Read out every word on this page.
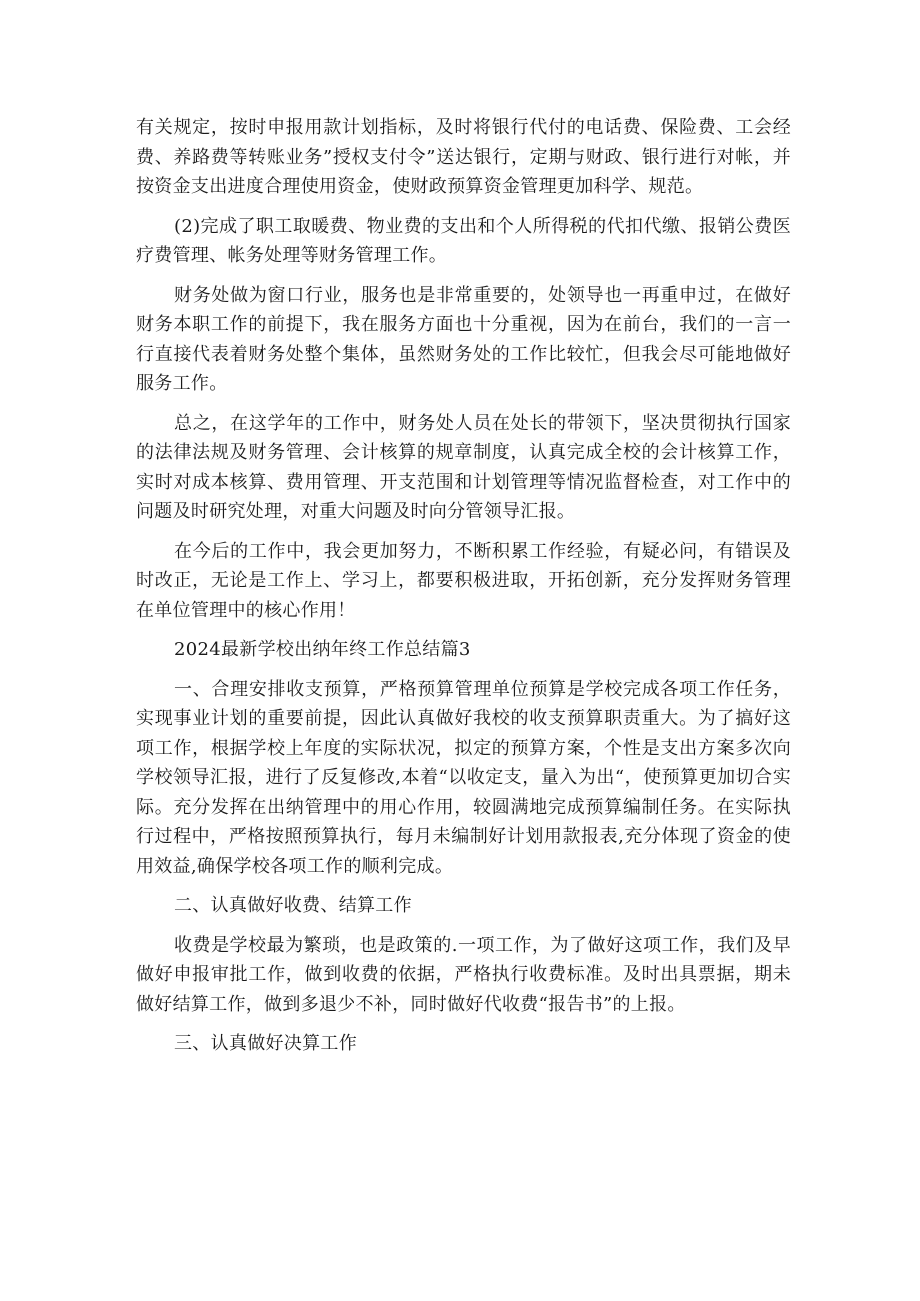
有关规定，按时申报用款计划指标，及时将银行代付的电话费、保险费、工会经费、养路费等转账业务”授权支付令”送达银行，定期与财政、银行进行对帐，并按资金支出进度合理使用资金，使财政预算资金管理更加科学、规范。

(2)完成了职工取暖费、物业费的支出和个人所得税的代扣代缴、报销公费医疗费管理、帐务处理等财务管理工作。

财务处做为窗口行业，服务也是非常重要的，处领导也一再重申过，在做好财务本职工作的前提下，我在服务方面也十分重视，因为在前台，我们的一言一行直接代表着财务处整个集体，虽然财务处的工作比较忙，但我会尽可能地做好服务工作。

总之，在这学年的工作中，财务处人员在处长的带领下，坚决贯彻执行国家的法律法规及财务管理、会计核算的规章制度，认真完成全校的会计核算工作，实时对成本核算、费用管理、开支范围和计划管理等情况监督检查，对工作中的问题及时研究处理，对重大问题及时向分管领导汇报。

在今后的工作中，我会更加努力，不断积累工作经验，有疑必问，有错误及时改正，无论是工作上、学习上，都要积极进取，开拓创新，充分发挥财务管理在单位管理中的核心作用！

2024最新学校出纳年终工作总结篇3

一、合理安排收支预算，严格预算管理单位预算是学校完成各项工作任务，实现事业计划的重要前提，因此认真做好我校的收支预算职责重大。为了搞好这项工作，根据学校上年度的实际状况，拟定的预算方案，个性是支出方案多次向学校领导汇报，进行了反复修改,本着“以收定支，量入为出“，使预算更加切合实际。充分发挥在出纳管理中的用心作用，较圆满地完成预算编制任务。在实际执行过程中，严格按照预算执行，每月未编制好计划用款报表,充分体现了资金的使用效益,确保学校各项工作的顺利完成。

二、认真做好收费、结算工作

收费是学校最为繁琐，也是政策的.一项工作，为了做好这项工作，我们及早做好申报审批工作，做到收费的依据，严格执行收费标准。及时出具票据，期未做好结算工作，做到多退少不补，同时做好代收费“报告书”的上报。

三、认真做好决算工作
